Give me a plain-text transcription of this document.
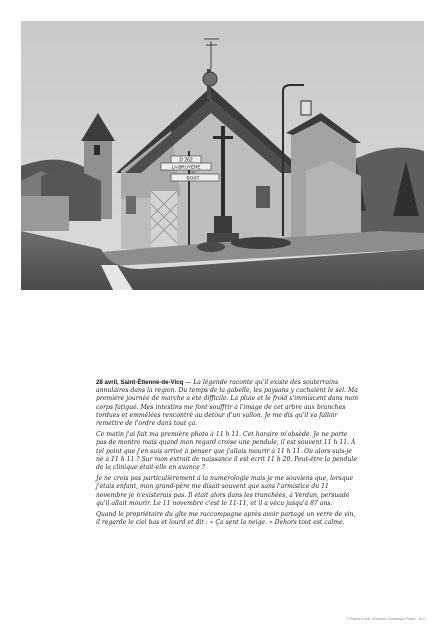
D 262
LA BRUYÈRE
3km
BOST

28 avril, Saint-Étienne-de-Vicq — La légende raconte qu'il existe des souterrains annulaires dans la région. Du temps de la gabelle, les paysans y cachaient le sel. Ma première journée de marche a été difficile. La pluie et le froid s'immiscent dans mon corps fatigué. Mes intestins me font souffrir à l'image de cet arbre aux branches tordues et emmêlées rencontré au détour d'un vallon. Je me dis qu'il va falloir remettre de l'ordre dans tout ça.

Ce matin j'ai fait ma première photo à 11 h 11. Cet horaire m'obsède. Je ne porte pas de montre mais quand mon regard croise une pendule, il est souvent 11 h 11. À tel point que j'en suis arrivé à penser que j'allais mourir à 11 h 11. Ou alors suis-je né à 11 h 11 ? Sur mon extrait de naissance il est écrit 11 h 20. Peut-être la pendule de la clinique était-elle en avance ?

Je ne crois pas particulièrement à la numérologie mais je me souviens que, lorsque j'étais enfant, mon grand-père me disait souvent que sans l'armistice du 11 novembre je n'existerais pas. Il était alors dans les tranchées, à Verdun, persuadé qu'il allait mourir. Le 11 novembre c'est le 11-11, et il a vécu jusqu'à 87 ans.

Quand le propriétaire du gîte me raccompagne après avoir partagé un verre de vin, il regarde le ciel bas et lourd et dit : « Ça sent la neige. » Dehors tout est calme.

© Patrick Kovar / Romans / Dunkerque Passe · 2017
